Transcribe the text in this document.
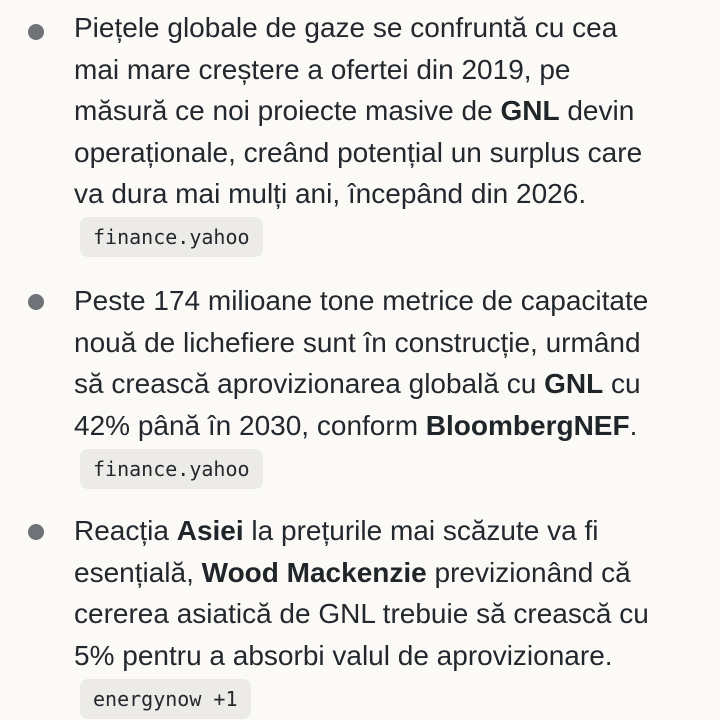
Piețele globale de gaze se confruntă cu cea
mai mare creștere a ofertei din 2019, pe
măsură ce noi proiecte masive de GNL devin
operaționale, creând potențial un surplus care
va dura mai mulți ani, începând din 2026.

finance.yahoo

Peste 174 milioane tone metrice de capacitate
nouă de lichefiere sunt în construcție, urmând
să crească aprovizionarea globală cu GNL cu
42% până în 2030, conform BloombergNEF.

finance.yahoo

Reacția Asiei la prețurile mai scăzute va fi
esențială, Wood Mackenzie previzionând că
cererea asiatică de GNL trebuie să crească cu
5% pentru a absorbi valul de aprovizionare.

energynow +1
